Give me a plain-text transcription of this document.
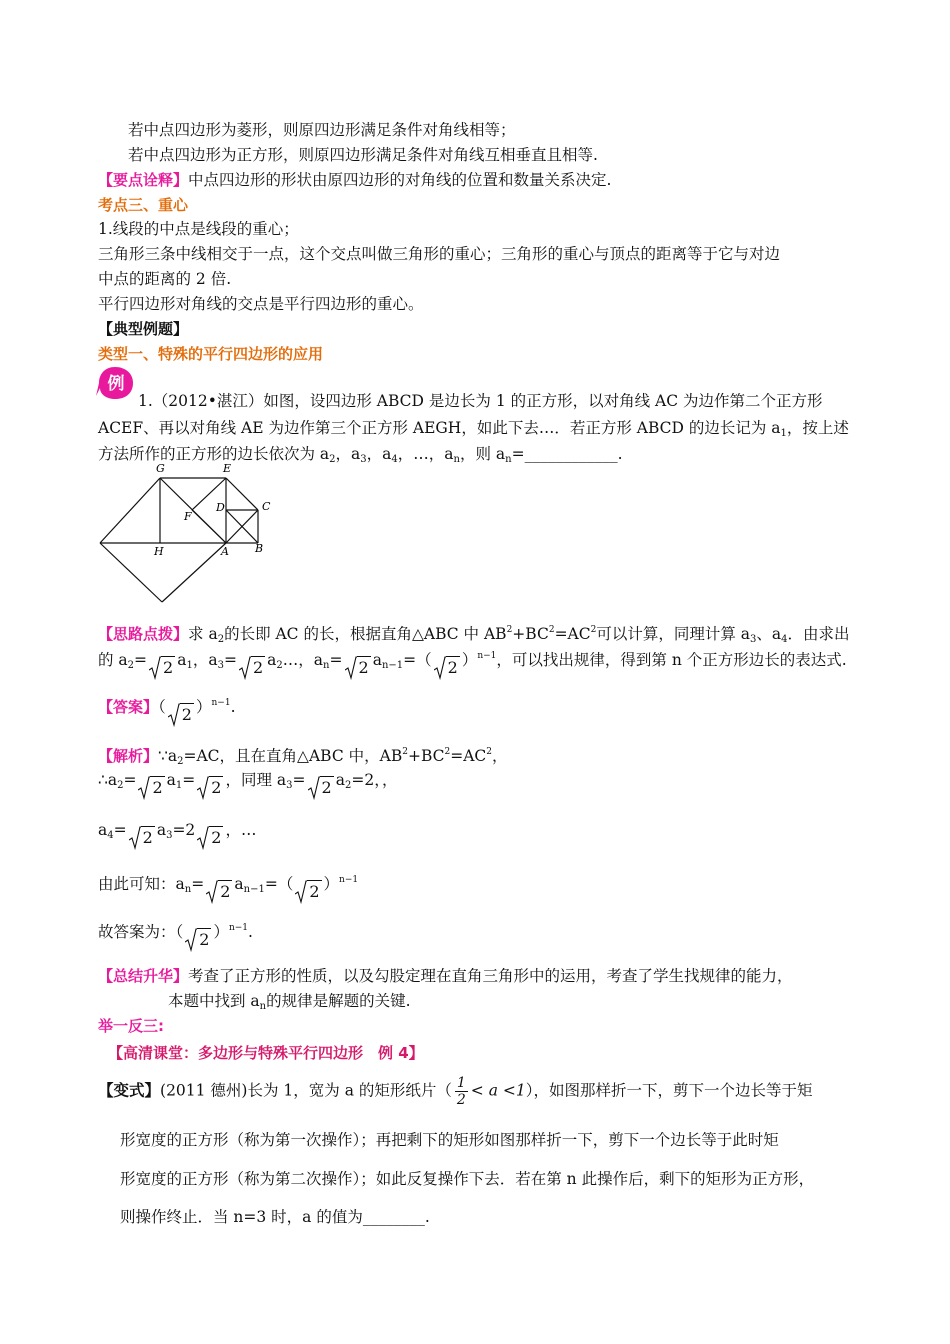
若中点四边形为菱形，则原四边形满足条件对角线相等；
若中点四边形为正方形，则原四边形满足条件对角线互相垂直且相等.
【要点诠释】中点四边形的形状由原四边形的对角线的位置和数量关系决定.
考点三、重心
1.线段的中点是线段的重心；
三角形三条中线相交于一点，这个交点叫做三角形的重心；三角形的重心与顶点的距离等于它与对边
中点的距离的 2 倍.
平行四边形对角线的交点是平行四边形的重心。
【典型例题】
类型一、特殊的平行四边形的应用
例
1.（2012•湛江）如图，设四边形 ABCD 是边长为 1 的正方形，以对角线 AC 为边作第二个正方形
ACEF、再以对角线 AE 为边作第三个正方形 AEGH，如此下去…．若正方形 ABCD 的边长记为 $a_1$，按上述
方法所作的正方形的边长依次为 $a_2$，$a_3$，$a_4$，…，$a_n$，则 $a_n=\_\_\_\_\_\_\_\_\_\_\_\_$.
G	E
F
D	C
H	A B
【思路点拨】求 $a_2$的长即 AC 的长，根据直角△ABC 中 $AB^2+BC^2=AC^2$可以计算，同理计算 $a_3$、$a_4$．由求出
的 $a_2= 2$ $a_1$，$a_3= 2$ $a_2\dots$，$a_n= 2$ $a_{n-1}=$（ 2 ）$^{n-1}$，可以找出规律，得到第 n 个正方形边长的表达式.
【答案】（ 2 ）$^{n-1}$.
【解析】$\because a_2=AC$，且在直角△ABC 中，$AB^2+BC^2=AC^2$，
$\therefore a_2= 2$ $a_1= 2$ ，同理 $a_3= 2$ $a_2=2$，，
$a_4= 2$ $a_3=2$ 2 ，…
由此可知：$a_n= 2$ $a_{n-1}=$（ 2 ）$^{n-1}$
故答案为：（ 2 ）$^{n-1}$.
【总结升华】考查了正方形的性质，以及勾股定理在直角三角形中的运用，考查了学生找规律的能力，
本题中找到 $a_n$的规律是解题的关键.
举一反三:
【高清课堂：多边形与特殊平行四边形　例 4】
【变式】(2011 德州)长为 1，宽为 a 的矩形纸片（ $\frac{1}{2} < a <1$），如图那样折一下，剪下一个边长等于矩
形宽度的正方形（称为第一次操作）；再把剩下的矩形如图那样折一下，剪下一个边长等于此时矩
形宽度的正方形（称为第二次操作）；如此反复操作下去．若在第 n 此操作后，剩下的矩形为正方形，
则操作终止．当 n=3 时，a 的值为________.
